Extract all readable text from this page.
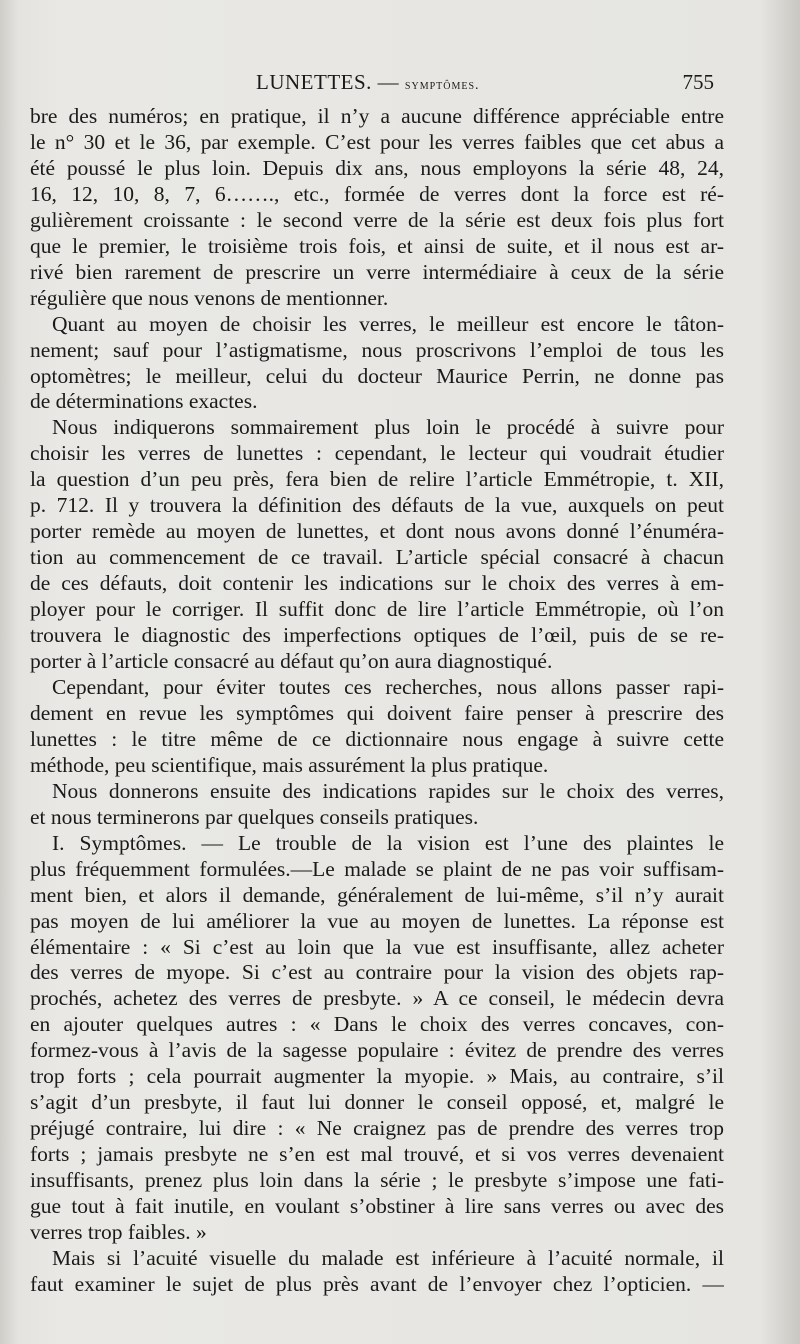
LUNETTES. — symptômes.	755
bre des numéros; en pratique, il n’y a aucune différence appréciable entre
le n° 30 et le 36, par exemple. C’est pour les verres faibles que cet abus a
été poussé le plus loin. Depuis dix ans, nous employons la série 48, 24,
16, 12, 10, 8, 7, 6……., etc., formée de verres dont la force est ré-
gulièrement croissante : le second verre de la série est deux fois plus fort
que le premier, le troisième trois fois, et ainsi de suite, et il nous est ar-
rivé bien rarement de prescrire un verre intermédiaire à ceux de la série
régulière que nous venons de mentionner.
Quant au moyen de choisir les verres, le meilleur est encore le tâton-
nement; sauf pour l’astigmatisme, nous proscrivons l’emploi de tous les
optomètres; le meilleur, celui du docteur Maurice Perrin, ne donne pas
de déterminations exactes.
Nous indiquerons sommairement plus loin le procédé à suivre pour
choisir les verres de lunettes : cependant, le lecteur qui voudrait étudier
la question d’un peu près, fera bien de relire l’article Emmétropie, t. XII,
p. 712. Il y trouvera la définition des défauts de la vue, auxquels on peut
porter remède au moyen de lunettes, et dont nous avons donné l’énuméra-
tion au commencement de ce travail. L’article spécial consacré à chacun
de ces défauts, doit contenir les indications sur le choix des verres à em-
ployer pour le corriger. Il suffit donc de lire l’article Emmétropie, où l’on
trouvera le diagnostic des imperfections optiques de l’œil, puis de se re-
porter à l’article consacré au défaut qu’on aura diagnostiqué.
Cependant, pour éviter toutes ces recherches, nous allons passer rapi-
dement en revue les symptômes qui doivent faire penser à prescrire des
lunettes : le titre même de ce dictionnaire nous engage à suivre cette
méthode, peu scientifique, mais assurément la plus pratique.
Nous donnerons ensuite des indications rapides sur le choix des verres,
et nous terminerons par quelques conseils pratiques.
I. Symptômes. — Le trouble de la vision est l’une des plaintes le
plus fréquemment formulées.—Le malade se plaint de ne pas voir suffisam-
ment bien, et alors il demande, généralement de lui-même, s’il n’y aurait
pas moyen de lui améliorer la vue au moyen de lunettes. La réponse est
élémentaire : « Si c’est au loin que la vue est insuffisante, allez acheter
des verres de myope. Si c’est au contraire pour la vision des objets rap-
prochés, achetez des verres de presbyte. » A ce conseil, le médecin devra
en ajouter quelques autres : « Dans le choix des verres concaves, con-
formez-vous à l’avis de la sagesse populaire : évitez de prendre des verres
trop forts ; cela pourrait augmenter la myopie. » Mais, au contraire, s’il
s’agit d’un presbyte, il faut lui donner le conseil opposé, et, malgré le
préjugé contraire, lui dire : « Ne craignez pas de prendre des verres trop
forts ; jamais presbyte ne s’en est mal trouvé, et si vos verres devenaient
insuffisants, prenez plus loin dans la série ; le presbyte s’impose une fati-
gue tout à fait inutile, en voulant s’obstiner à lire sans verres ou avec des
verres trop faibles. »
Mais si l’acuité visuelle du malade est inférieure à l’acuité normale, il
faut examiner le sujet de plus près avant de l’envoyer chez l’opticien. —
